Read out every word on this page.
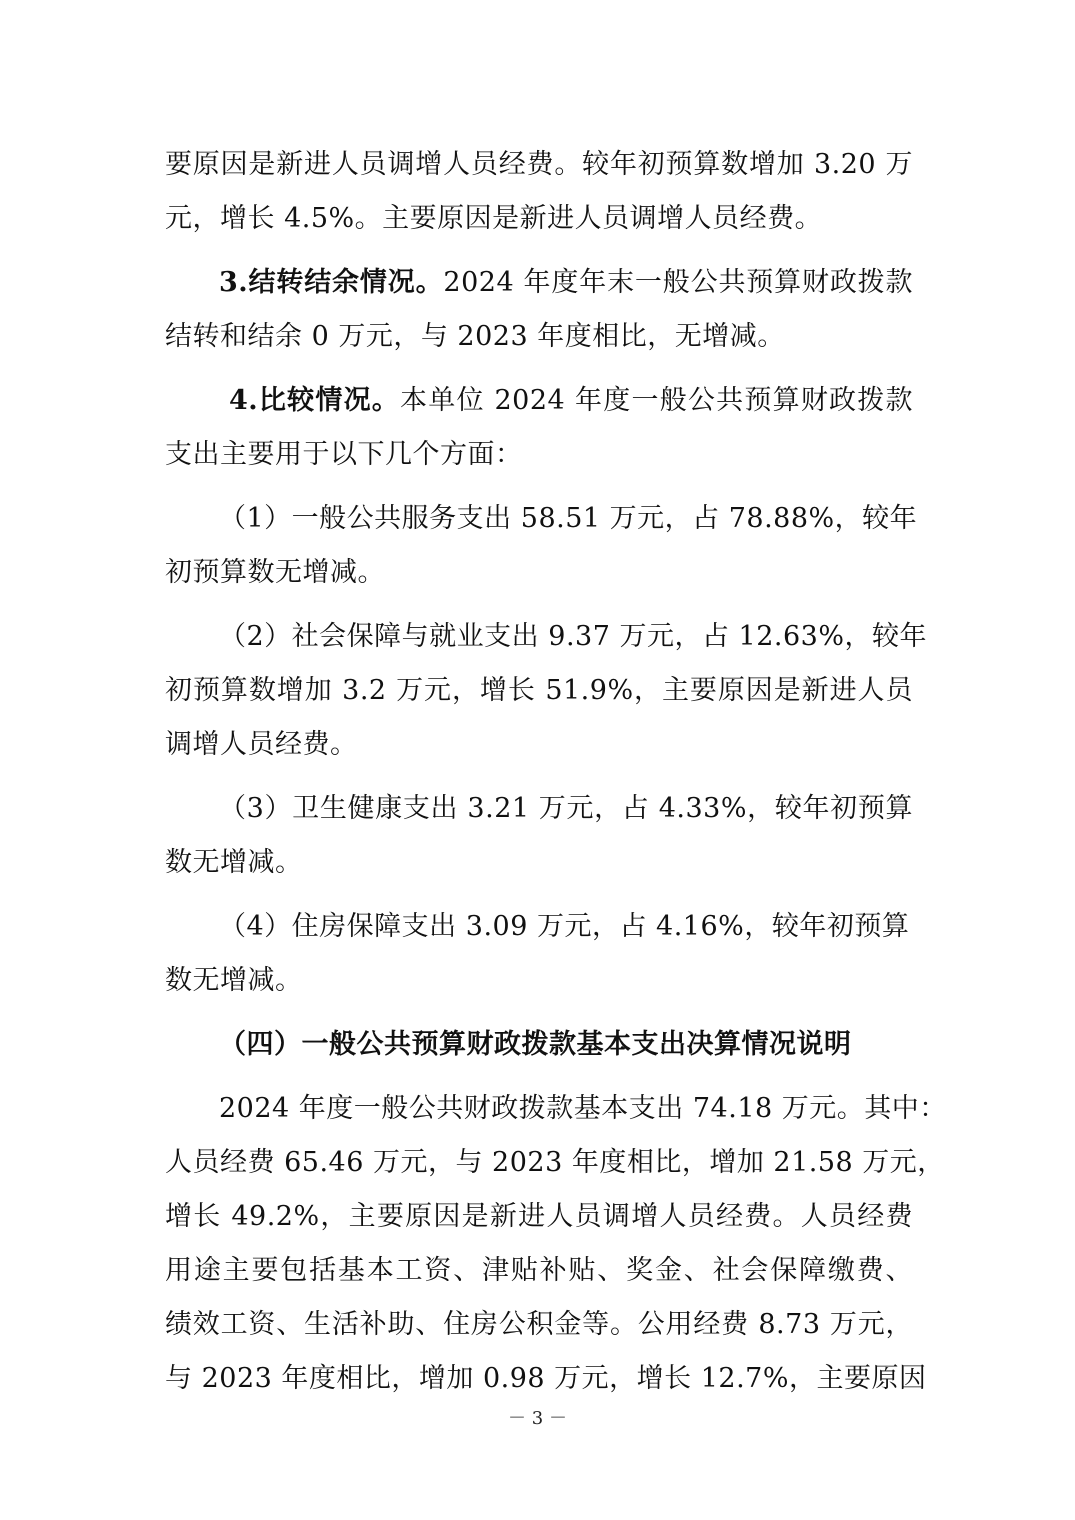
要原因是新进人员调增人员经费。较年初预算数增加 3.20 万
元，增长 4.5%。主要原因是新进人员调增人员经费。
3.结转结余情况。2024 年度年末一般公共预算财政拨款
结转和结余 0 万元，与 2023 年度相比，无增减。
4.比较情况。本单位 2024 年度一般公共预算财政拨款
支出主要用于以下几个方面：
（1）一般公共服务支出 58.51 万元，占 78.88%，较年
初预算数无增减。
（2）社会保障与就业支出 9.37 万元，占 12.63%，较年
初预算数增加 3.2 万元，增长 51.9%，主要原因是新进人员
调增人员经费。
（3）卫生健康支出 3.21 万元，占 4.33%，较年初预算
数无增减。
（4）住房保障支出 3.09 万元，占 4.16%，较年初预算
数无增减。
（四）一般公共预算财政拨款基本支出决算情况说明
2024 年度一般公共财政拨款基本支出 74.18 万元。其中：
人员经费 65.46 万元，与 2023 年度相比，增加 21.58 万元，
增长 49.2%，主要原因是新进人员调增人员经费。人员经费
用途主要包括基本工资、津贴补贴、奖金、社会保障缴费、
绩效工资、生活补助、住房公积金等。公用经费 8.73 万元，
与 2023 年度相比，增加 0.98 万元，增长 12.7%，主要原因
－ 3 －
